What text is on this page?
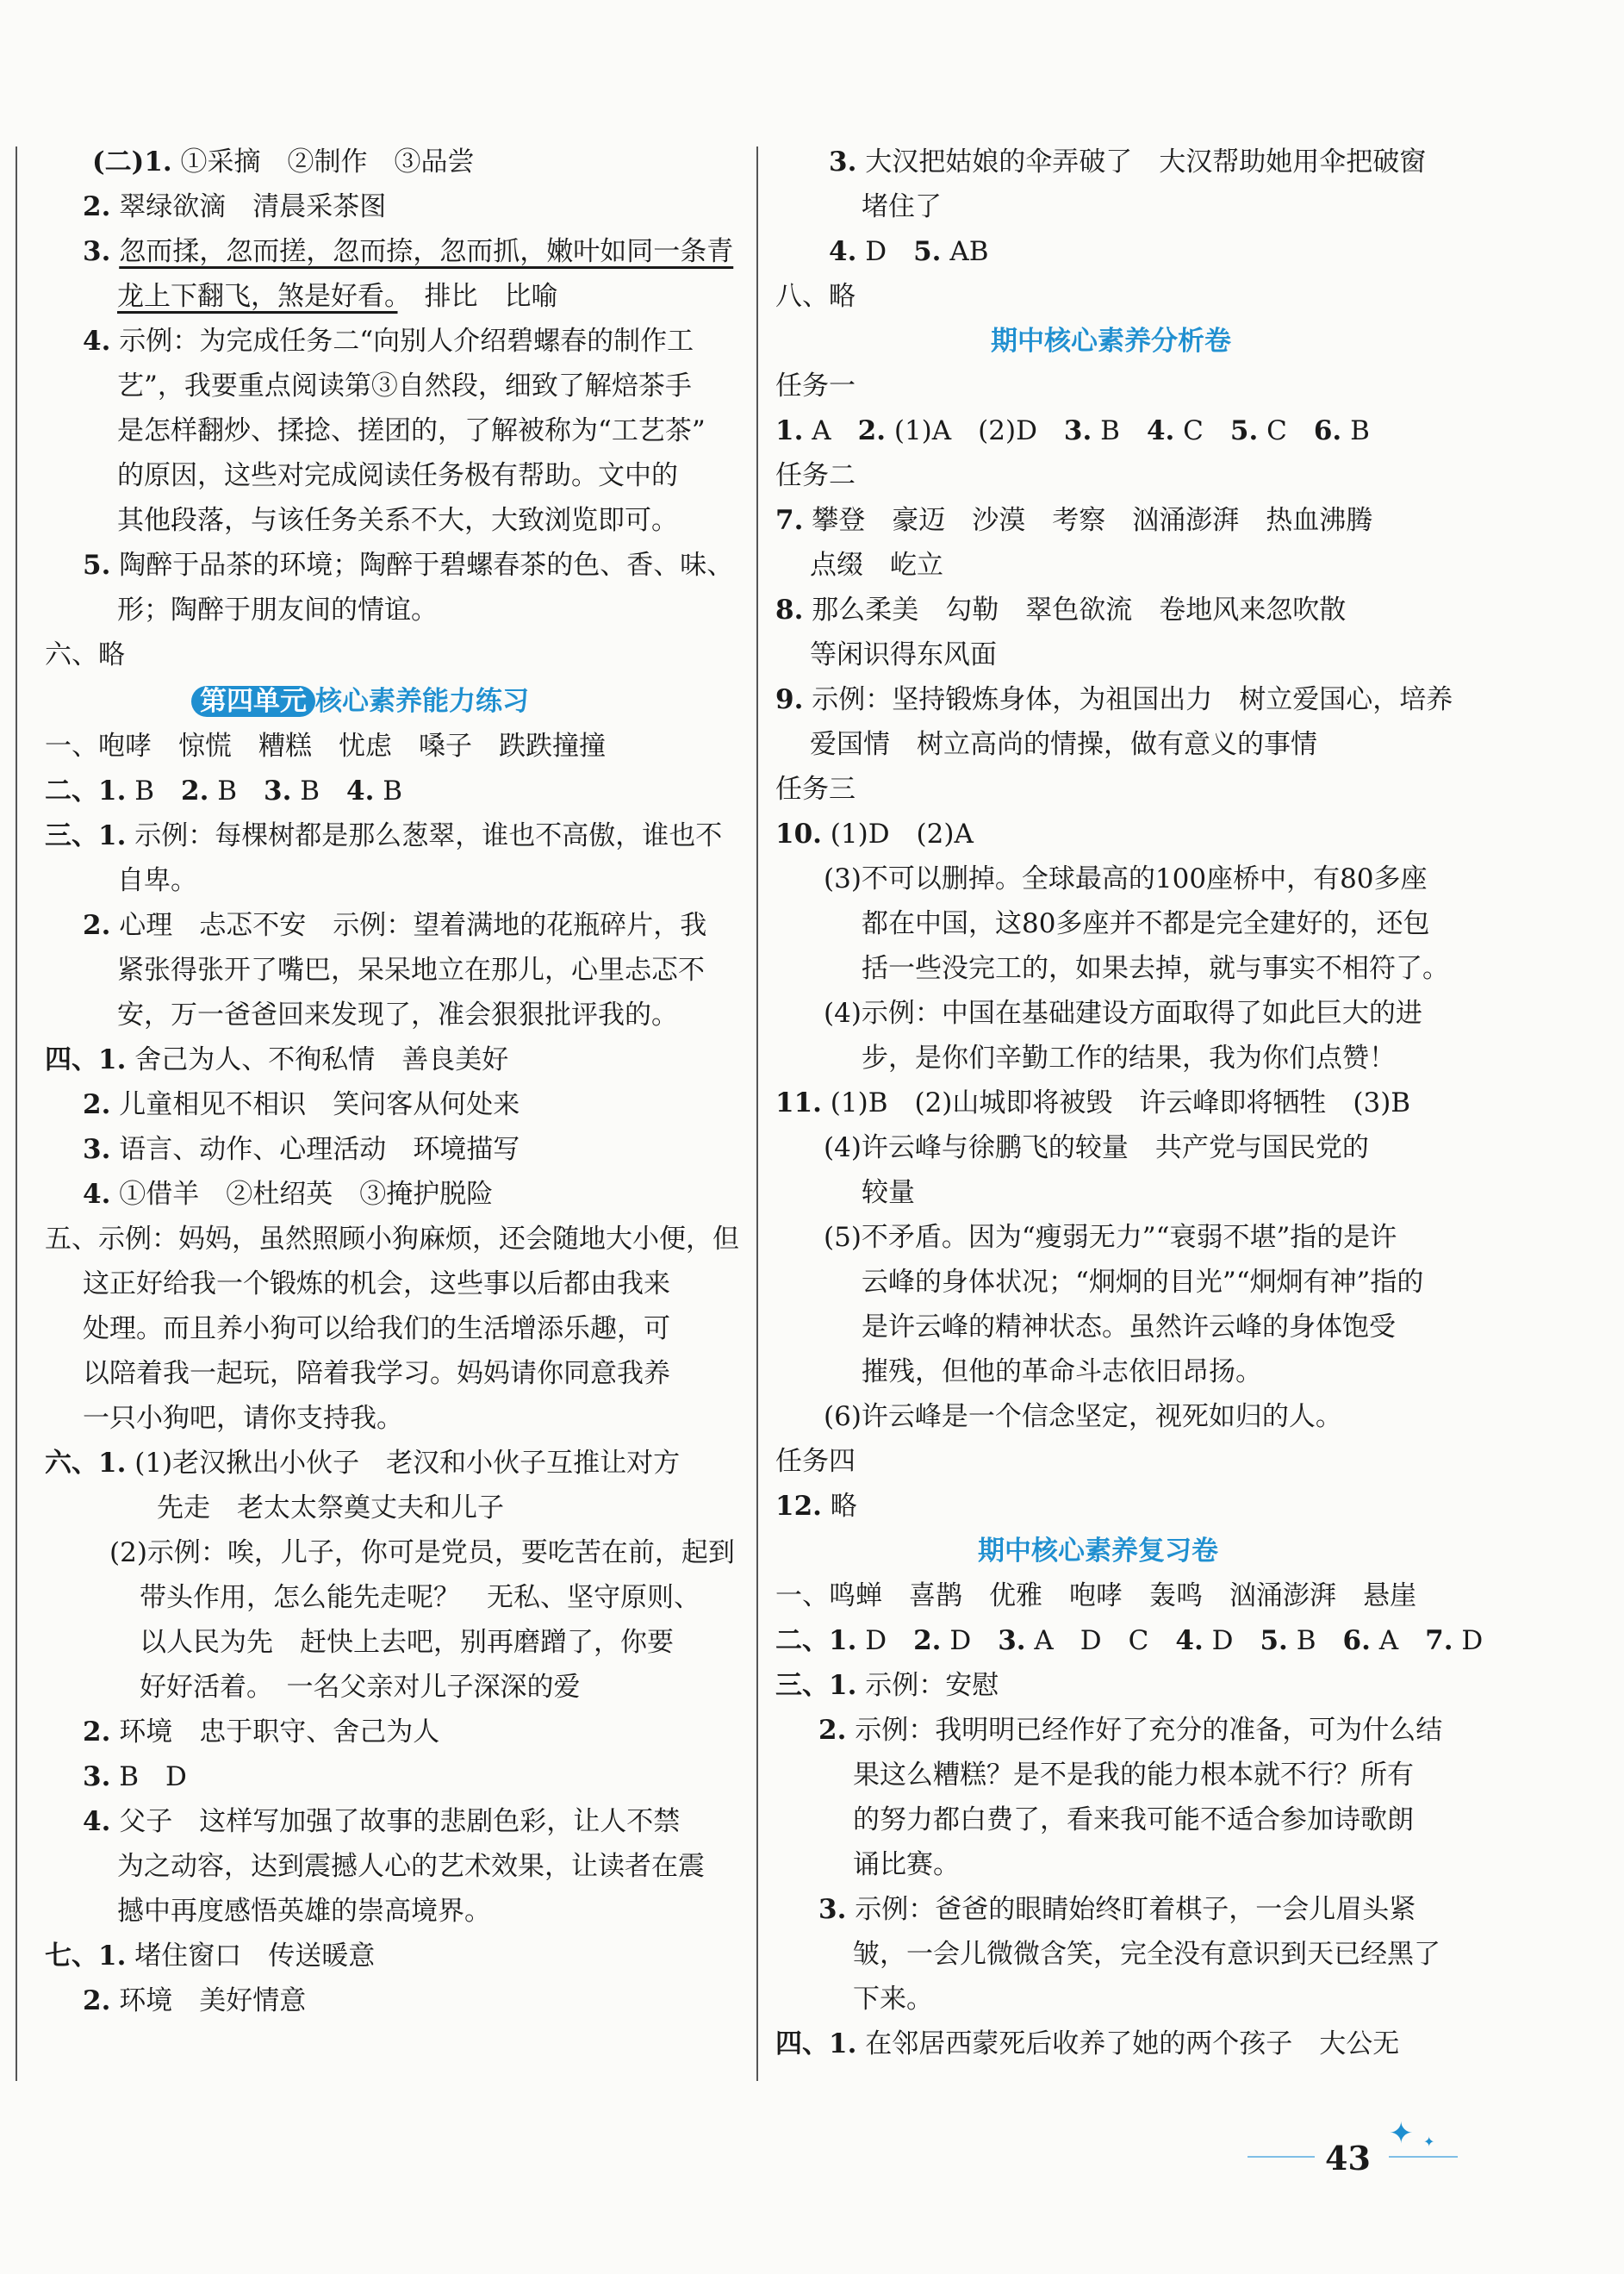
(二)1. ①采摘　②制作　③品尝
2. 翠绿欲滴　清晨采茶图
3. 忽而揉，忽而搓，忽而捺，忽而抓，嫩叶如同一条青
龙上下翻飞，煞是好看。　排比　比喻
4. 示例：为完成任务二“向别人介绍碧螺春的制作工
艺”，我要重点阅读第③自然段，细致了解焙茶手
是怎样翻炒、揉捻、搓团的，了解被称为“工艺茶”
的原因，这些对完成阅读任务极有帮助。文中的
其他段落，与该任务关系不大，大致浏览即可。
5. 陶醉于品茶的环境；陶醉于碧螺春茶的色、香、味、
形；陶醉于朋友间的情谊。
六、略
第四单元 核心素养能力练习
一、咆哮　惊慌　糟糕　忧虑　嗓子　跌跌撞撞
二、1. B　2. B　3. B　4. B
三、1. 示例：每棵树都是那么葱翠，谁也不高傲，谁也不
自卑。
2. 心理　忐忑不安　示例：望着满地的花瓶碎片，我
紧张得张开了嘴巴，呆呆地立在那儿，心里忐忑不
安，万一爸爸回来发现了，准会狠狠批评我的。
四、1. 舍己为人、不徇私情　善良美好
2. 儿童相见不相识　笑问客从何处来
3. 语言、动作、心理活动　环境描写
4. ①借羊　②杜绍英　③掩护脱险
五、示例：妈妈，虽然照顾小狗麻烦，还会随地大小便，但
这正好给我一个锻炼的机会，这些事以后都由我来
处理。而且养小狗可以给我们的生活增添乐趣，可
以陪着我一起玩，陪着我学习。妈妈请你同意我养
一只小狗吧，请你支持我。
六、1. (1)老汉揪出小伙子　老汉和小伙子互推让对方
先走　老太太祭奠丈夫和儿子
(2)示例：唉，儿子，你可是党员，要吃苦在前，起到
带头作用，怎么能先走呢？　无私、坚守原则、
以人民为先　赶快上去吧，别再磨蹭了，你要
好好活着。　一名父亲对儿子深深的爱
2. 环境　忠于职守、舍己为人
3. B　D
4. 父子　这样写加强了故事的悲剧色彩，让人不禁
为之动容，达到震撼人心的艺术效果，让读者在震
撼中再度感悟英雄的崇高境界。
七、1. 堵住窗口　传送暖意
2. 环境　美好情意
3. 大汉把姑娘的伞弄破了　大汉帮助她用伞把破窗
堵住了
4. D　5. AB
八、略
期中核心素养分析卷
任务一
1. A　2. (1)A　(2)D　3. B　4. C　5. C　6. B
任务二
7. 攀登　豪迈　沙漠　考察　汹涌澎湃　热血沸腾
点缀　屹立
8. 那么柔美　勾勒　翠色欲流　卷地风来忽吹散
等闲识得东风面
9. 示例：坚持锻炼身体，为祖国出力　树立爱国心，培养
爱国情　树立高尚的情操，做有意义的事情
任务三
10. (1)D　(2)A
(3)不可以删掉。全球最高的100座桥中，有80多座
都在中国，这80多座并不都是完全建好的，还包
括一些没完工的，如果去掉，就与事实不相符了。
(4)示例：中国在基础建设方面取得了如此巨大的进
步，是你们辛勤工作的结果，我为你们点赞！
11. (1)B　(2)山城即将被毁　许云峰即将牺牲　(3)B
(4)许云峰与徐鹏飞的较量　共产党与国民党的
较量
(5)不矛盾。因为“瘦弱无力”“衰弱不堪”指的是许
云峰的身体状况；“炯炯的目光”“炯炯有神”指的
是许云峰的精神状态。虽然许云峰的身体饱受
摧残，但他的革命斗志依旧昂扬。
(6)许云峰是一个信念坚定，视死如归的人。
任务四
12. 略
期中核心素养复习卷
一、鸣蝉　喜鹊　优雅　咆哮　轰鸣　汹涌澎湃　悬崖
二、1. D　2. D　3. A　D　C　4. D　5. B　6. A　7. D
三、1. 示例：安慰
2. 示例：我明明已经作好了充分的准备，可为什么结
果这么糟糕？是不是我的能力根本就不行？所有
的努力都白费了，看来我可能不适合参加诗歌朗
诵比赛。
3. 示例：爸爸的眼睛始终盯着棋子，一会儿眉头紧
皱，一会儿微微含笑，完全没有意识到天已经黑了
下来。
四、1. 在邻居西蒙死后收养了她的两个孩子　大公无
43
✦ ✦
